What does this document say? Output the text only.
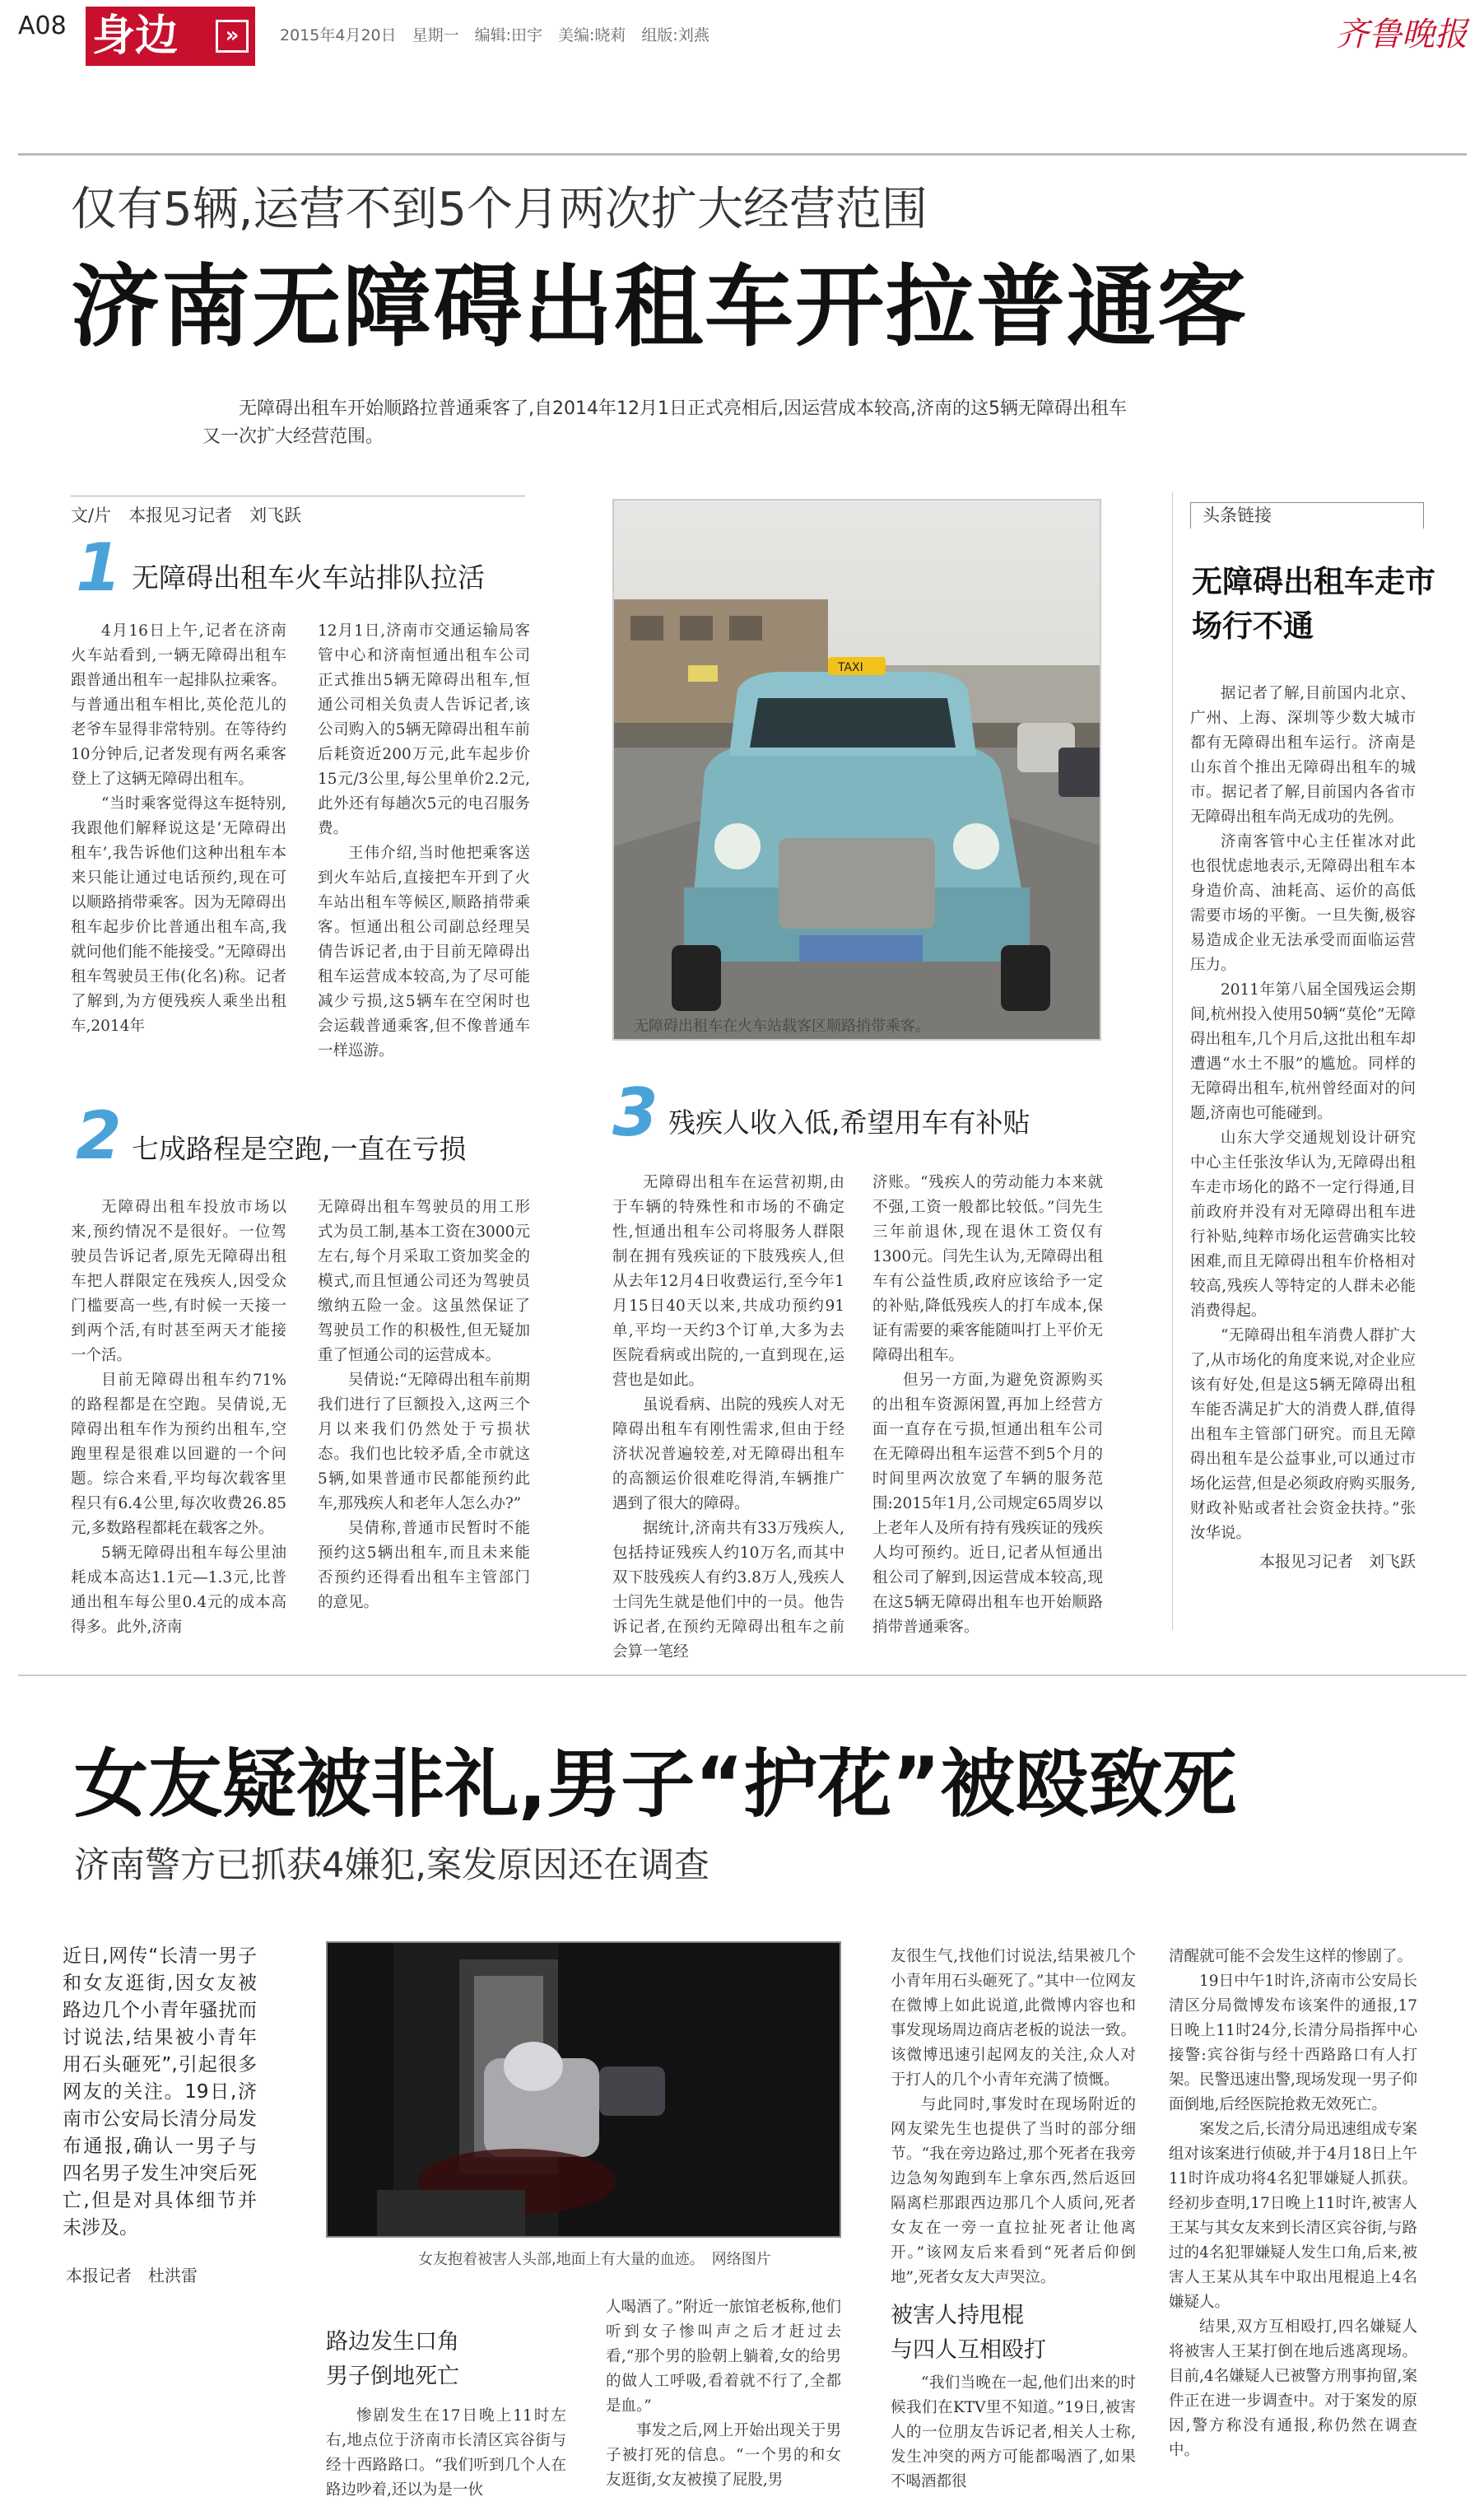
A08 身边	»	2015年4月20日　星期一　编辑:田宇　美编:晓莉　组版:刘燕	齐鲁晚报
仅有5辆,运营不到5个月两次扩大经营范围
济南无障碍出租车开拉普通客
无障碍出租车开始顺路拉普通乘客了,自2014年12月1日正式亮相后,因运营成本较高,济南的这5辆无障碍出租车又一次扩大经营范围。
文/片　本报见习记者　刘飞跃
1 无障碍出租车火车站排队拉活

4月16日上午,记者在济南火车站看到,一辆无障碍出租车跟普通出租车一起排队拉乘客。与普通出租车相比,英伦范儿的老爷车显得非常特别。在等待约10分钟后,记者发现有两名乘客登上了这辆无障碍出租车。

“当时乘客觉得这车挺特别,我跟他们解释说这是‘无障碍出租车’,我告诉他们这种出租车本来只能让通过电话预约,现在可以顺路捎带乘客。因为无障碍出租车起步价比普通出租车高,我就问他们能不能接受。”无障碍出租车驾驶员王伟(化名)称。记者了解到,为方便残疾人乘坐出租车,2014年

12月1日,济南市交通运输局客管中心和济南恒通出租车公司正式推出5辆无障碍出租车,恒通公司相关负责人告诉记者,该公司购入的5辆无障碍出租车前后耗资近200万元,此车起步价15元/3公里,每公里单价2.2元,此外还有每趟次5元的电召服务费。

王伟介绍,当时他把乘客送到火车站后,直接把车开到了火车站出租车等候区,顺路捎带乘客。恒通出租公司副总经理吴倩告诉记者,由于目前无障碍出租车运营成本较高,为了尽可能减少亏损,这5辆车在空闲时也会运载普通乘客,但不像普通车一样巡游。

2 七成路程是空跑,一直在亏损

无障碍出租车投放市场以来,预约情况不是很好。一位驾驶员告诉记者,原先无障碍出租车把人群限定在残疾人,因受众门槛要高一些,有时候一天接一到两个活,有时甚至两天才能接一个活。

目前无障碍出租车约71%的路程都是在空跑。吴倩说,无障碍出租车作为预约出租车,空跑里程是很难以回避的一个问题。综合来看,平均每次载客里程只有6.4公里,每次收费26.85元,多数路程都耗在载客之外。

5辆无障碍出租车每公里油耗成本高达1.1元—1.3元,比普通出租车每公里0.4元的成本高得多。此外,济南

无障碍出租车驾驶员的用工形式为员工制,基本工资在3000元左右,每个月采取工资加奖金的模式,而且恒通公司还为驾驶员缴纳五险一金。这虽然保证了驾驶员工作的积极性,但无疑加重了恒通公司的运营成本。

吴倩说:“无障碍出租车前期我们进行了巨额投入,这两三个月以来我们仍然处于亏损状态。我们也比较矛盾,全市就这5辆,如果普通市民都能预约此车,那残疾人和老年人怎么办?”

吴倩称,普通市民暂时不能预约这5辆出租车,而且未来能否预约还得看出租车主管部门的意见。

TAXI
无障碍出租车在火车站载客区顺路捎带乘客。
3 残疾人收入低,希望用车有补贴

无障碍出租车在运营初期,由于车辆的特殊性和市场的不确定性,恒通出租车公司将服务人群限制在拥有残疾证的下肢残疾人,但从去年12月4日收费运行,至今年1月15日40天以来,共成功预约91单,平均一天约3个订单,大多为去医院看病或出院的,一直到现在,运营也是如此。

虽说看病、出院的残疾人对无障碍出租车有刚性需求,但由于经济状况普遍较差,对无障碍出租车的高额运价很难吃得消,车辆推广遇到了很大的障碍。

据统计,济南共有33万残疾人,包括持证残疾人约10万名,而其中双下肢残疾人有约3.8万人,残疾人士闫先生就是他们中的一员。他告诉记者,在预约无障碍出租车之前会算一笔经

济账。“残疾人的劳动能力本来就不强,工资一般都比较低。”闫先生三年前退休,现在退休工资仅有1300元。闫先生认为,无障碍出租车有公益性质,政府应该给予一定的补贴,降低残疾人的打车成本,保证有需要的乘客能随叫打上平价无障碍出租车。

但另一方面,为避免资源购买的出租车资源闲置,再加上经营方面一直存在亏损,恒通出租车公司在无障碍出租车运营不到5个月的时间里两次放宽了车辆的服务范围:2015年1月,公司规定65周岁以上老年人及所有持有残疾证的残疾人均可预约。近日,记者从恒通出租公司了解到,因运营成本较高,现在这5辆无障碍出租车也开始顺路捎带普通乘客。

头条链接
无障碍出租车走市场行不通

据记者了解,目前国内北京、广州、上海、深圳等少数大城市都有无障碍出租车运行。济南是山东首个推出无障碍出租车的城市。据记者了解,目前国内各省市无障碍出租车尚无成功的先例。

济南客管中心主任崔冰对此也很忧虑地表示,无障碍出租车本身造价高、油耗高、运价的高低需要市场的平衡。一旦失衡,极容易造成企业无法承受而面临运营压力。

2011年第八届全国残运会期间,杭州投入使用50辆“莫伦”无障碍出租车,几个月后,这批出租车却遭遇“水土不服”的尴尬。同样的无障碍出租车,杭州曾经面对的问题,济南也可能碰到。

山东大学交通规划设计研究中心主任张汝华认为,无障碍出租车走市场化的路不一定行得通,目前政府并没有对无障碍出租车进行补贴,纯粹市场化运营确实比较困难,而且无障碍出租车价格相对较高,残疾人等特定的人群未必能消费得起。

“无障碍出租车消费人群扩大了,从市场化的角度来说,对企业应该有好处,但是这5辆无障碍出租车能否满足扩大的消费人群,值得出租车主管部门研究。而且无障碍出租车是公益事业,可以通过市场化运营,但是必须政府购买服务,财政补贴或者社会资金扶持。”张汝华说。

本报见习记者　刘飞跃

女友疑被非礼,男子“护花”被殴致死
济南警方已抓获4嫌犯,案发原因还在调查
近日,网传“长清一男子和女友逛街,因女友被路边几个小青年骚扰而讨说法,结果被小青年用石头砸死”,引起很多网友的关注。19日,济南市公安局长清分局发布通报,确认一男子与四名男子发生冲突后死亡,但是对具体细节并未涉及。
本报记者　杜洪雷
女友抱着被害人头部,地面上有大量的血迹。　网络图片
路边发生口角
男子倒地死亡

惨剧发生在17日晚上11时左右,地点位于济南市长清区宾谷街与经十西路路口。“我们听到几个人在路边吵着,还以为是一伙

人喝酒了。”附近一旅馆老板称,他们听到女子惨叫声之后才赶过去看,“那个男的脸朝上躺着,女的给男的做人工呼吸,看着就不行了,全都是血。”

事发之后,网上开始出现关于男子被打死的信息。“一个男的和女友逛街,女友被摸了屁股,男

友很生气,找他们讨说法,结果被几个小青年用石头砸死了。”其中一位网友在微博上如此说道,此微博内容也和事发现场周边商店老板的说法一致。该微博迅速引起网友的关注,众人对于打人的几个小青年充满了愤慨。

与此同时,事发时在现场附近的网友梁先生也提供了当时的部分细节。“我在旁边路过,那个死者在我旁边急匆匆跑到车上拿东西,然后返回隔离栏那跟西边那几个人质问,死者女友在一旁一直拉扯死者让他离开。”该网友后来看到“死者后仰倒地”,死者女友大声哭泣。

被害人持甩棍
与四人互相殴打

“我们当晚在一起,他们出来的时候我们在KTV里不知道。”19日,被害人的一位朋友告诉记者,相关人士称,发生冲突的两方可能都喝酒了,如果不喝酒都很

清醒就可能不会发生这样的惨剧了。

19日中午1时许,济南市公安局长清区分局微博发布该案件的通报,17日晚上11时24分,长清分局指挥中心接警:宾谷街与经十西路路口有人打架。民警迅速出警,现场发现一男子仰面倒地,后经医院抢救无效死亡。

案发之后,长清分局迅速组成专案组对该案进行侦破,并于4月18日上午11时许成功将4名犯罪嫌疑人抓获。经初步查明,17日晚上11时许,被害人王某与其女友来到长清区宾谷街,与路过的4名犯罪嫌疑人发生口角,后来,被害人王某从其车中取出甩棍追上4名嫌疑人。

结果,双方互相殴打,四名嫌疑人将被害人王某打倒在地后逃离现场。目前,4名嫌疑人已被警方刑事拘留,案件正在进一步调查中。对于案发的原因,警方称没有通报,称仍然在调查中。
